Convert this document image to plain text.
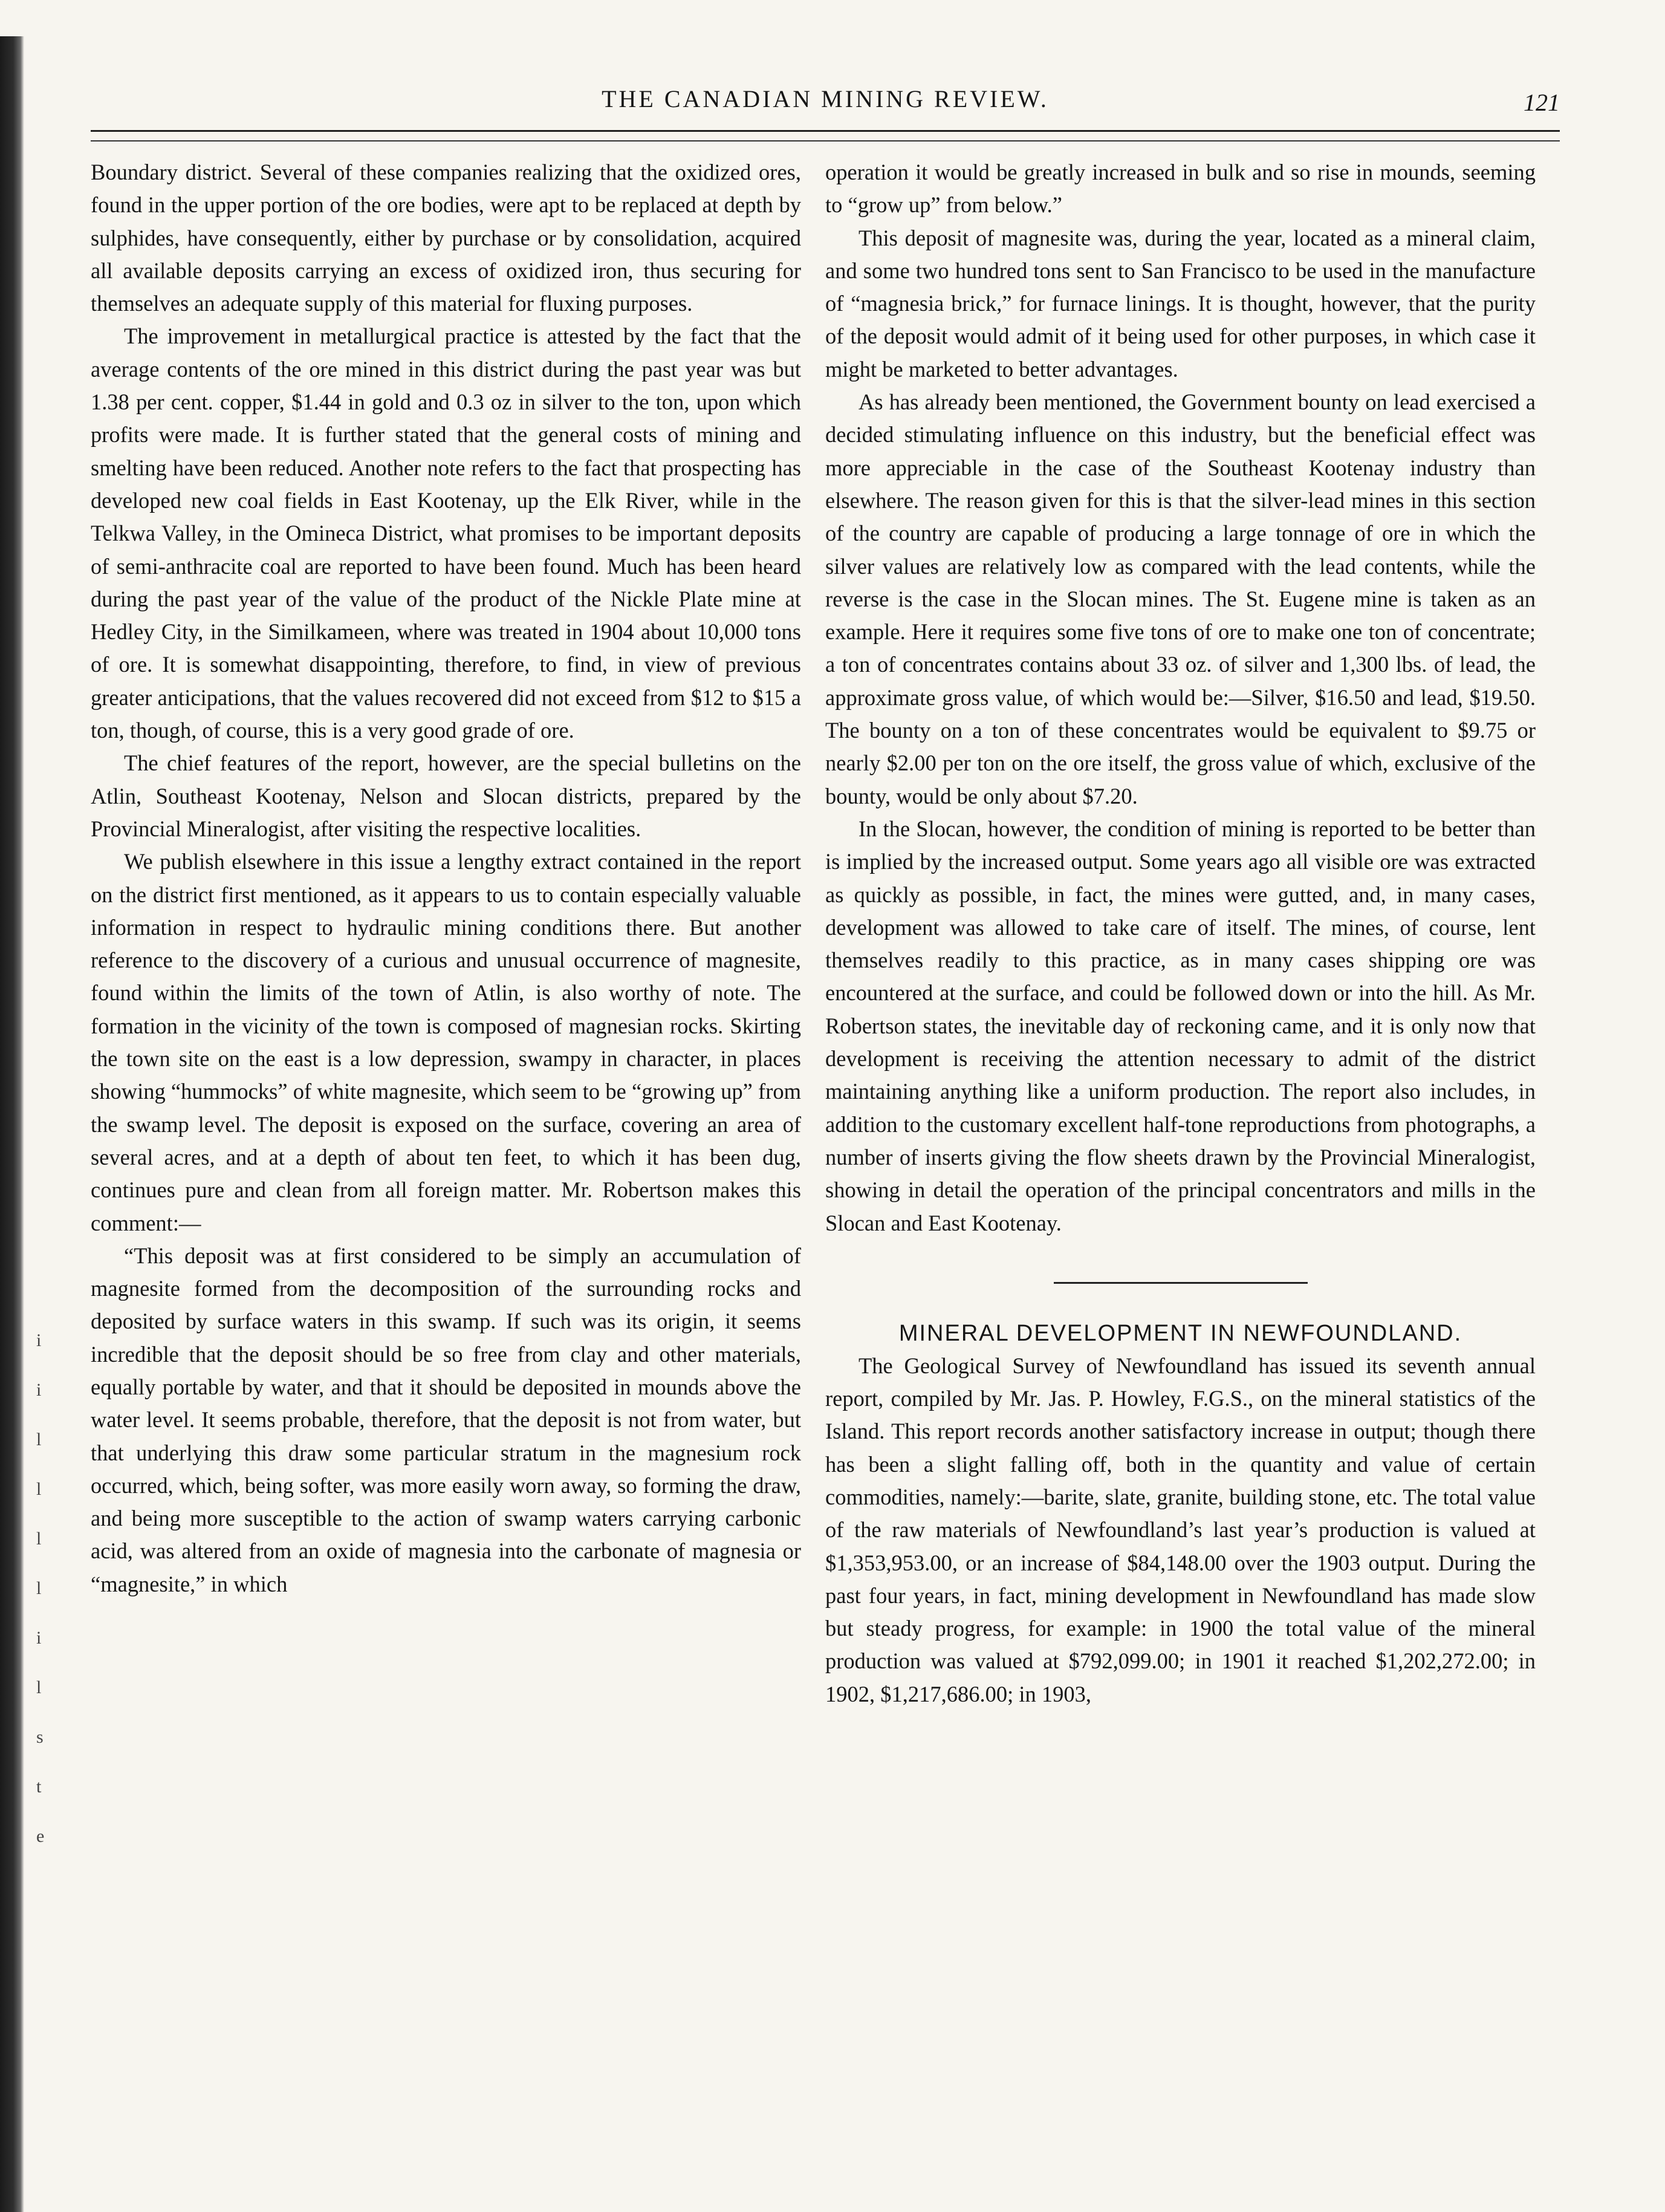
i
i
l
l
l
l
i
l
s
t
e
THE CANADIAN MINING REVIEW.	121

Boundary district. Several of these companies realizing that the oxidized ores, found in the upper portion of the ore bodies, were apt to be replaced at depth by sulphides, have consequently, either by purchase or by consolidation, acquired all available deposits carrying an excess of oxidized iron, thus securing for themselves an adequate supply of this material for fluxing purposes.

The improvement in metallurgical practice is attested by the fact that the average contents of the ore mined in this district during the past year was but 1.38 per cent. copper, $1.44 in gold and 0.3 oz in silver to the ton, upon which profits were made. It is further stated that the general costs of mining and smelting have been reduced. Another note refers to the fact that prospecting has developed new coal fields in East Kootenay, up the Elk River, while in the Telkwa Valley, in the Omineca District, what promises to be important deposits of semi-anthracite coal are reported to have been found. Much has been heard during the past year of the value of the product of the Nickle Plate mine at Hedley City, in the Similkameen, where was treated in 1904 about 10,000 tons of ore. It is somewhat disappointing, therefore, to find, in view of previous greater anticipations, that the values recovered did not exceed from $12 to $15 a ton, though, of course, this is a very good grade of ore.

The chief features of the report, however, are the special bulletins on the Atlin, Southeast Kootenay, Nelson and Slocan districts, prepared by the Provincial Mineralogist, after visiting the respective localities.

We publish elsewhere in this issue a lengthy extract contained in the report on the district first mentioned, as it appears to us to contain especially valuable information in respect to hydraulic mining conditions there. But another reference to the discovery of a curious and unusual occurrence of magnesite, found within the limits of the town of Atlin, is also worthy of note. The formation in the vicinity of the town is composed of magnesian rocks. Skirting the town site on the east is a low depression, swampy in character, in places showing “hummocks” of white magnesite, which seem to be “growing up” from the swamp level. The deposit is exposed on the surface, covering an area of several acres, and at a depth of about ten feet, to which it has been dug, continues pure and clean from all foreign matter. Mr. Robertson makes this comment:—

“This deposit was at first considered to be simply an accumulation of magnesite formed from the decomposition of the surrounding rocks and deposited by surface waters in this swamp. If such was its origin, it seems incredible that the deposit should be so free from clay and other materials, equally portable by water, and that it should be deposited in mounds above the water level. It seems probable, therefore, that the deposit is not from water, but that underlying this draw some particular stratum in the magnesium rock occurred, which, being softer, was more easily worn away, so forming the draw, and being more susceptible to the action of swamp waters carrying carbonic acid, was altered from an oxide of magnesia into the carbonate of magnesia or “magnesite,” in which

operation it would be greatly increased in bulk and so rise in mounds, seeming to “grow up” from below.”

This deposit of magnesite was, during the year, located as a mineral claim, and some two hundred tons sent to San Francisco to be used in the manufacture of “magnesia brick,” for furnace linings. It is thought, however, that the purity of the deposit would admit of it being used for other purposes, in which case it might be marketed to better advantages.

As has already been mentioned, the Government bounty on lead exercised a decided stimulating influence on this industry, but the beneficial effect was more appreciable in the case of the Southeast Kootenay industry than elsewhere. The reason given for this is that the silver-lead mines in this section of the country are capable of producing a large tonnage of ore in which the silver values are relatively low as compared with the lead contents, while the reverse is the case in the Slocan mines. The St. Eugene mine is taken as an example. Here it requires some five tons of ore to make one ton of concentrate; a ton of concentrates contains about 33 oz. of silver and 1,300 lbs. of lead, the approximate gross value, of which would be:—Silver, $16.50 and lead, $19.50. The bounty on a ton of these concentrates would be equivalent to $9.75 or nearly $2.00 per ton on the ore itself, the gross value of which, exclusive of the bounty, would be only about $7.20.

In the Slocan, however, the condition of mining is reported to be better than is implied by the increased output. Some years ago all visible ore was extracted as quickly as possible, in fact, the mines were gutted, and, in many cases, development was allowed to take care of itself. The mines, of course, lent themselves readily to this practice, as in many cases shipping ore was encountered at the surface, and could be followed down or into the hill. As Mr. Robertson states, the inevitable day of reckoning came, and it is only now that development is receiving the attention necessary to admit of the district maintaining anything like a uniform production. The report also includes, in addition to the customary excellent half-tone reproductions from photographs, a number of inserts giving the flow sheets drawn by the Provincial Mineralogist, showing in detail the operation of the principal concentrators and mills in the Slocan and East Kootenay.

MINERAL DEVELOPMENT IN NEWFOUNDLAND.

The Geological Survey of Newfoundland has issued its seventh annual report, compiled by Mr. Jas. P. Howley, F.G.S., on the mineral statistics of the Island. This report records another satisfactory increase in output; though there has been a slight falling off, both in the quantity and value of certain commodities, namely:—barite, slate, granite, building stone, etc. The total value of the raw materials of Newfoundland’s last year’s production is valued at $1,353,953.00, or an increase of $84,148.00 over the 1903 output. During the past four years, in fact, mining development in Newfoundland has made slow but steady progress, for example: in 1900 the total value of the mineral production was valued at $792,099.00; in 1901 it reached $1,202,272.00; in 1902, $1,217,686.00; in 1903,
